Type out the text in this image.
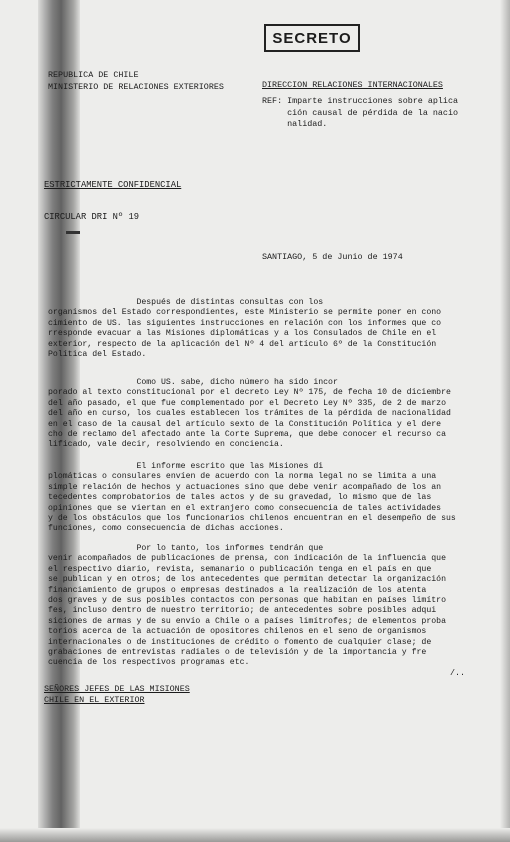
SECRETO
REPUBLICA DE CHILE
MINISTERIO DE RELACIONES EXTERIORES	DIRECCION RELACIONES INTERNACIONALES
REF: Imparte instrucciones sobre aplica
ción causal de pérdida de la nacio
nalidad.
ESTRICTAMENTE CONFIDENCIAL
CIRCULAR DRI Nº 19
SANTIAGO, 5 de Junio de 1974
Después de distintas consultas con los
organismos del Estado correspondientes, este Ministerio se permite poner en cono
cimiento de US. las siguientes instrucciones en relación con los informes que co
rresponde evacuar a las Misiones diplomáticas y a los Consulados de Chile en el
exterior, respecto de la aplicación del Nº 4 del artículo 6º de la Constitución
Política del Estado.
Como US. sabe, dicho número ha sido incor
porado al texto constitucional por el decreto Ley Nº 175, de fecha 10 de diciembre
del año pasado, el que fue complementado por el Decreto Ley Nº 335, de 2 de marzo
del año en curso, los cuales establecen los trámites de la pérdida de nacionalidad
en el caso de la causal del artículo sexto de la Constitución Política y el dere
cho de reclamo del afectado ante la Corte Suprema, que debe conocer el recurso ca
lificado, vale decir, resolviendo en conciencia.
El informe escrito que las Misiones di
plomáticas o consulares envíen de acuerdo con la norma legal no se limita a una
simple relación de hechos y actuaciones sino que debe venir acompañado de los an
tecedentes comprobatorios de tales actos y de su gravedad, lo mismo que de las
opiniones que se viertan en el extranjero como consecuencia de tales actividades
y de los obstáculos que los funcionarios chilenos encuentran en el desempeño de sus
funciones, como consecuencia de dichas acciones.
Por lo tanto, los informes tendrán que
venir acompañados de publicaciones de prensa, con indicación de la influencia que
el respectivo diario, revista, semanario o publicación tenga en el país en que
se publican y en otros; de los antecedentes que permitan detectar la organización
financiamiento de grupos o empresas destinados a la realización de los atenta
dos graves y de sus posibles contactos con personas que habitan en países limítro
fes, incluso dentro de nuestro territorio; de antecedentes sobre posibles adqui
siciones de armas y de su envío a Chile o a países limítrofes; de elementos proba
torios acerca de la actuación de opositores chilenos en el seno de organismos
internacionales o de instituciones de crédito o fomento de cualquier clase; de
grabaciones de entrevistas radiales o de televisión y de la importancia y fre
cuencia de los respectivos programas etc.
/..
SEÑORES JEFES DE LAS MISIONES
CHILE EN EL EXTERIOR
